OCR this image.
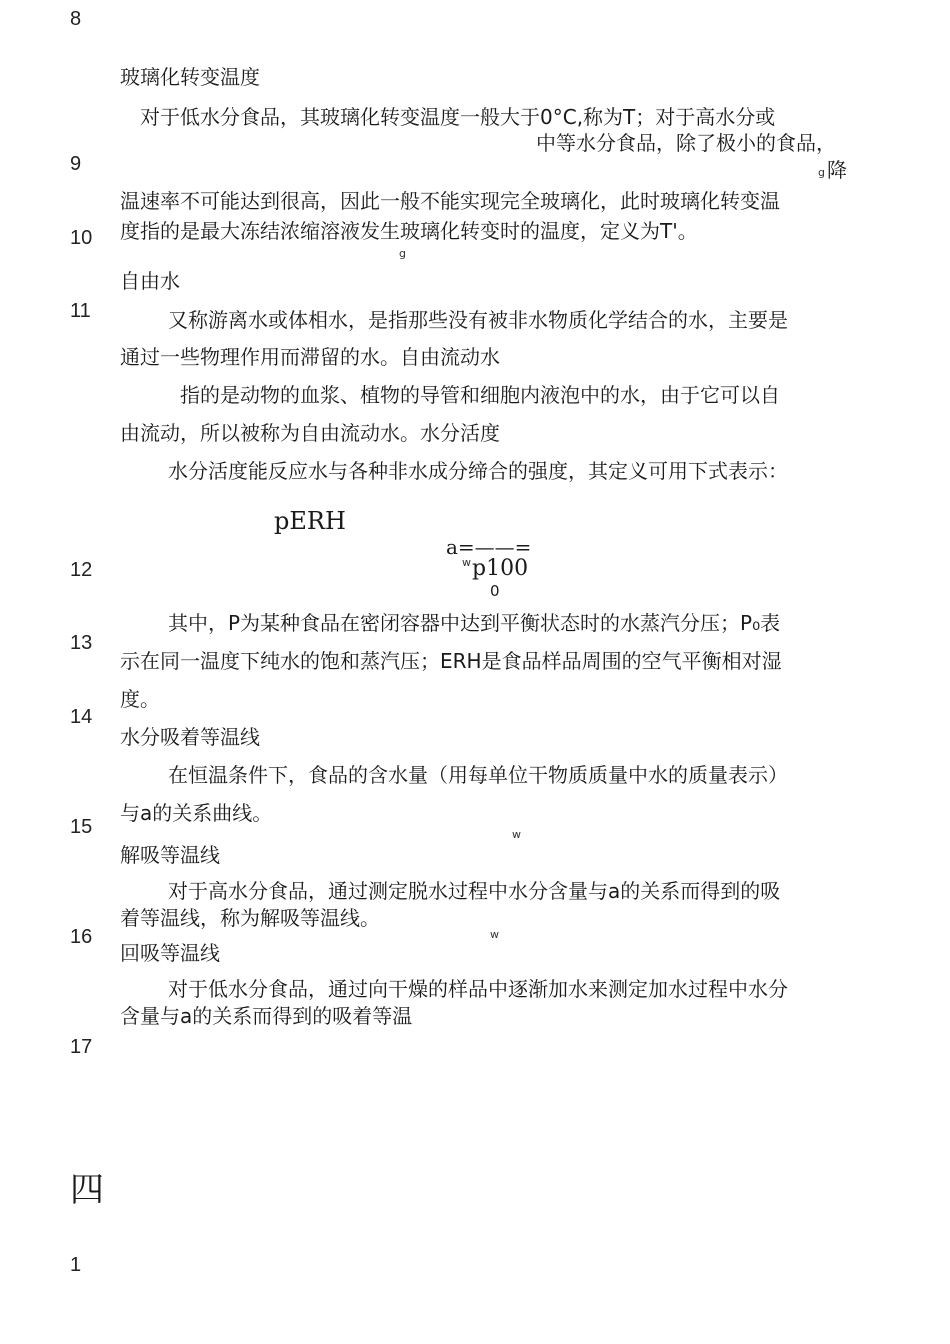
8
9
10
11
12
13
14
15
16
17
1
玻璃化转变温度
对于低水分食品，其玻璃化转变温度一般大于0°C,称为T；对于高水分或
中等水分食品，除了极小的食品，
g 降
温速率不可能达到很高，因此一般不能实现完全玻璃化，此时玻璃化转变温
度指的是最大冻结浓缩溶液发生玻璃化转变时的温度，定义为T'。
g
自由水
又称游离水或体相水，是指那些没有被非水物质化学结合的水，主要是
通过一些物理作用而滞留的水。自由流动水
指的是动物的血浆、植物的导管和细胞内液泡中的水，由于它可以自
由流动，所以被称为自由流动水。水分活度
水分活度能反应水与各种非水成分缔合的强度，其定义可用下式表示：
pERH
a=——=
w p100
0
其中，P为某种食品在密闭容器中达到平衡状态时的水蒸汽分压；P₀表
示在同一温度下纯水的饱和蒸汽压；ERH是食品样品周围的空气平衡相对湿
度。
水分吸着等温线
在恒温条件下，食品的含水量（用每单位干物质质量中水的质量表示）
与a的关系曲线。
w
解吸等温线
对于高水分食品，通过测定脱水过程中水分含量与a的关系而得到的吸
着等温线，称为解吸等温线。
w
回吸等温线
对于低水分食品，通过向干燥的样品中逐渐加水来测定加水过程中水分
含量与a的关系而得到的吸着等温
四
